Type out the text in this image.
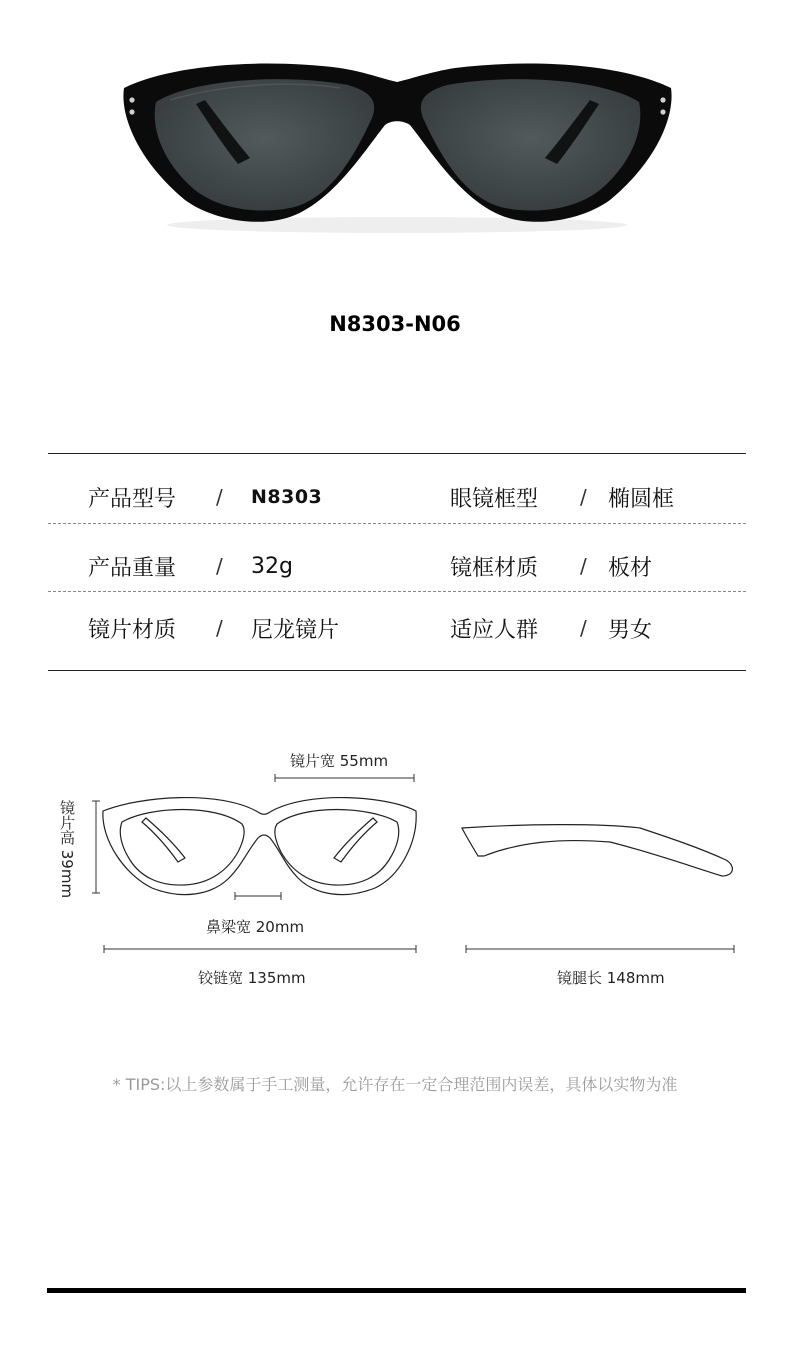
N8303-N06
产品型号	/	N8303	眼镜框型	/ 椭圆框
产品重量	/	32g	镜框材质	/ 板材
镜片材质	/	尼龙镜片	适应人群	/ 男女
镜片宽 55mm
镜片高 39mm
鼻梁宽 20mm
铰链宽 135mm	镜腿长 148mm
* TIPS:以上参数属于手工测量，允许存在一定合理范围内误差，具体以实物为准
